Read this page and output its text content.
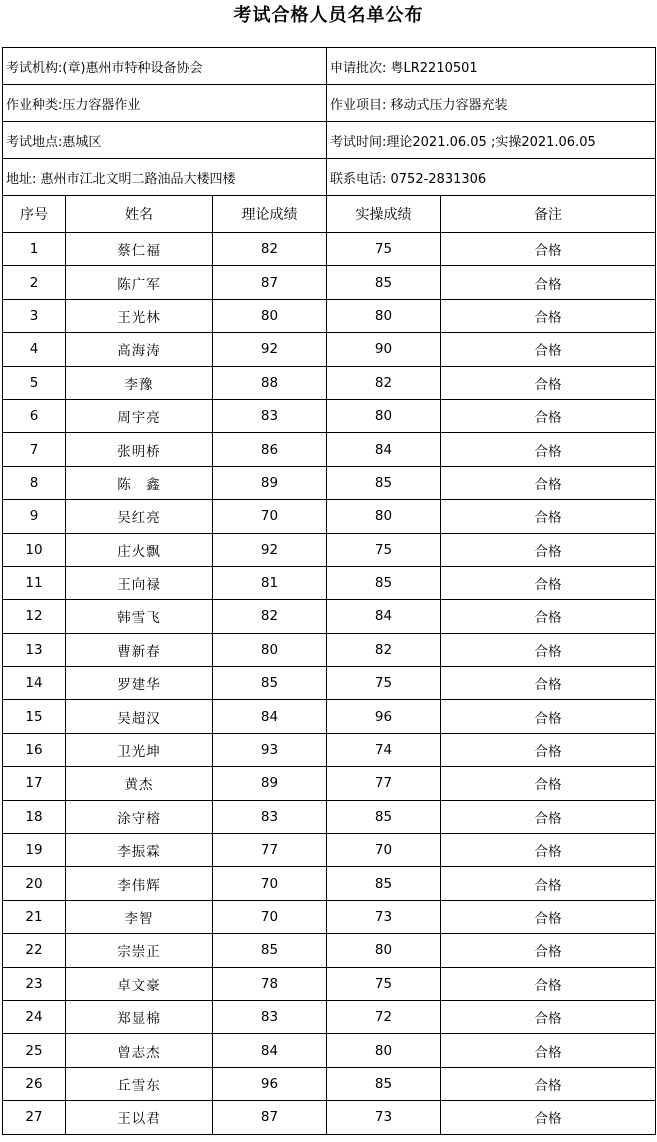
考试合格人员名单公布
考试机构:(章)惠州市特种设备协会			申请批次: 粤LR2210501	
作业种类:压力容器作业			作业项目: 移动式压力容器充装	
考试地点:惠城区			考试时间:理论2021.06.05 ;实操2021.06.05	
地址: 惠州市江北文明二路油品大楼四楼			联系电话: 0752-2831306	
序号	姓名	理论成绩	实操成绩	备注
1	蔡仁福	82	75	合格
2	陈广军	87	85	合格
3	王光林	80	80	合格
4	高海涛	92	90	合格
5	李豫	88	82	合格
6	周宇亮	83	80	合格
7	张明桥	86	84	合格
8	陈　鑫	89	85	合格
9	吴红亮	70	80	合格
10	庄火飘	92	75	合格
11	王向禄	81	85	合格
12	韩雪飞	82	84	合格
13	曹新春	80	82	合格
14	罗建华	85	75	合格
15	吴超汉	84	96	合格
16	卫光坤	93	74	合格
17	黄杰	89	77	合格
18	涂守榕	83	85	合格
19	李振霖	77	70	合格
20	李伟辉	70	85	合格
21	李智	70	73	合格
22	宗崇正	85	80	合格
23	卓文豪	78	75	合格
24	郑显棉	83	72	合格
25	曾志杰	84	80	合格
26	丘雪东	96	85	合格
27	王以君	87	73	合格
